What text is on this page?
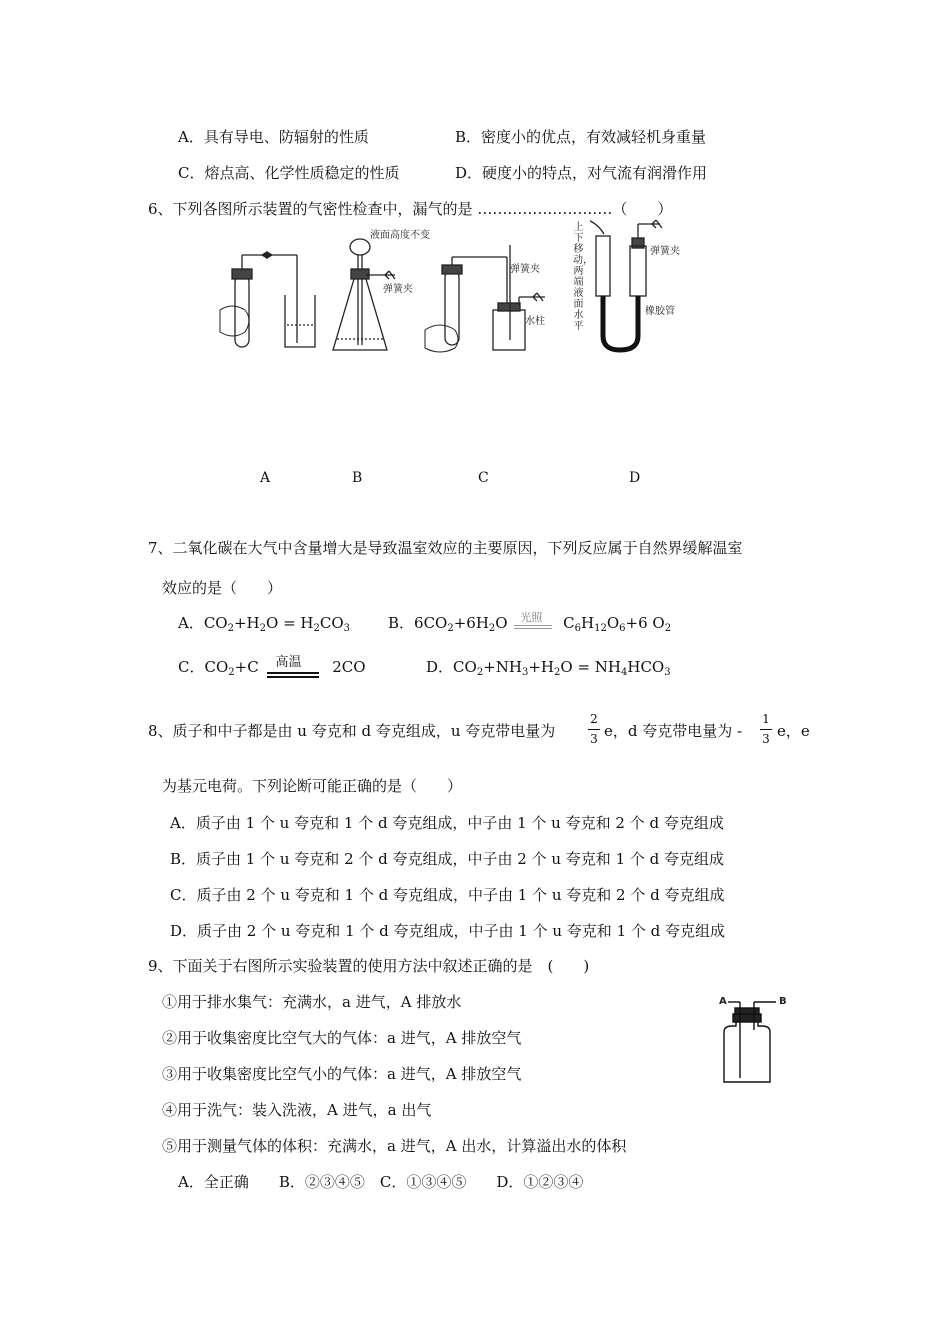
A．具有导电、防辐射的性质	B．密度小的优点，有效减轻机身重量
C．熔点高、化学性质稳定的性质	D．硬度小的特点，对气流有润滑作用
6、下列各图所示装置的气密性检查中，漏气的是 ………………………（　　）
液面高度不变
弹簧夹
弹簧夹
水柱
上下移动，两端液面水平
弹簧夹
橡胶管
A	B	C	D
7、二氧化碳在大气中含量增大是导致温室效应的主要原因，下列反应属于自然界缓解温室
效应的是（　　）
A．$CO_2+H_2O = H_2CO_3$	B．$6CO_2+6H_2O$ 光照 $C_6H_{12}O_6+6$ $O_2$
C．$CO_2+C$ 高温 2CO	D．$CO_2+NH_3+H_2O = NH_4HCO_3$
8、质子和中子都是由 u 夸克和 d 夸克组成，u 夸克带电量为
2
3 e，d 夸克带电量为 -
1
3 e，e
为基元电荷。下列论断可能正确的是（　　）
A．质子由 1 个 u 夸克和 1 个 d 夸克组成，中子由 1 个 u 夸克和 2 个 d 夸克组成
B．质子由 1 个 u 夸克和 2 个 d 夸克组成，中子由 2 个 u 夸克和 1 个 d 夸克组成
C．质子由 2 个 u 夸克和 1 个 d 夸克组成，中子由 1 个 u 夸克和 2 个 d 夸克组成
D．质子由 2 个 u 夸克和 1 个 d 夸克组成，中子由 1 个 u 夸克和 1 个 d 夸克组成
9、下面关于右图所示实验装置的使用方法中叙述正确的是　(　　)
①用于排水集气：充满水，a 进气，A 排放水
②用于收集密度比空气大的气体：a 进气，A 排放空气
③用于收集密度比空气小的气体：a 进气，A 排放空气
④用于洗气：装入洗液，A 进气，a 出气
⑤用于测量气体的体积：充满水，a 进气，A 出水，计算溢出水的体积
A．全正确　　B．②③④⑤　C．①③④⑤　　D．①②③④
A	B
